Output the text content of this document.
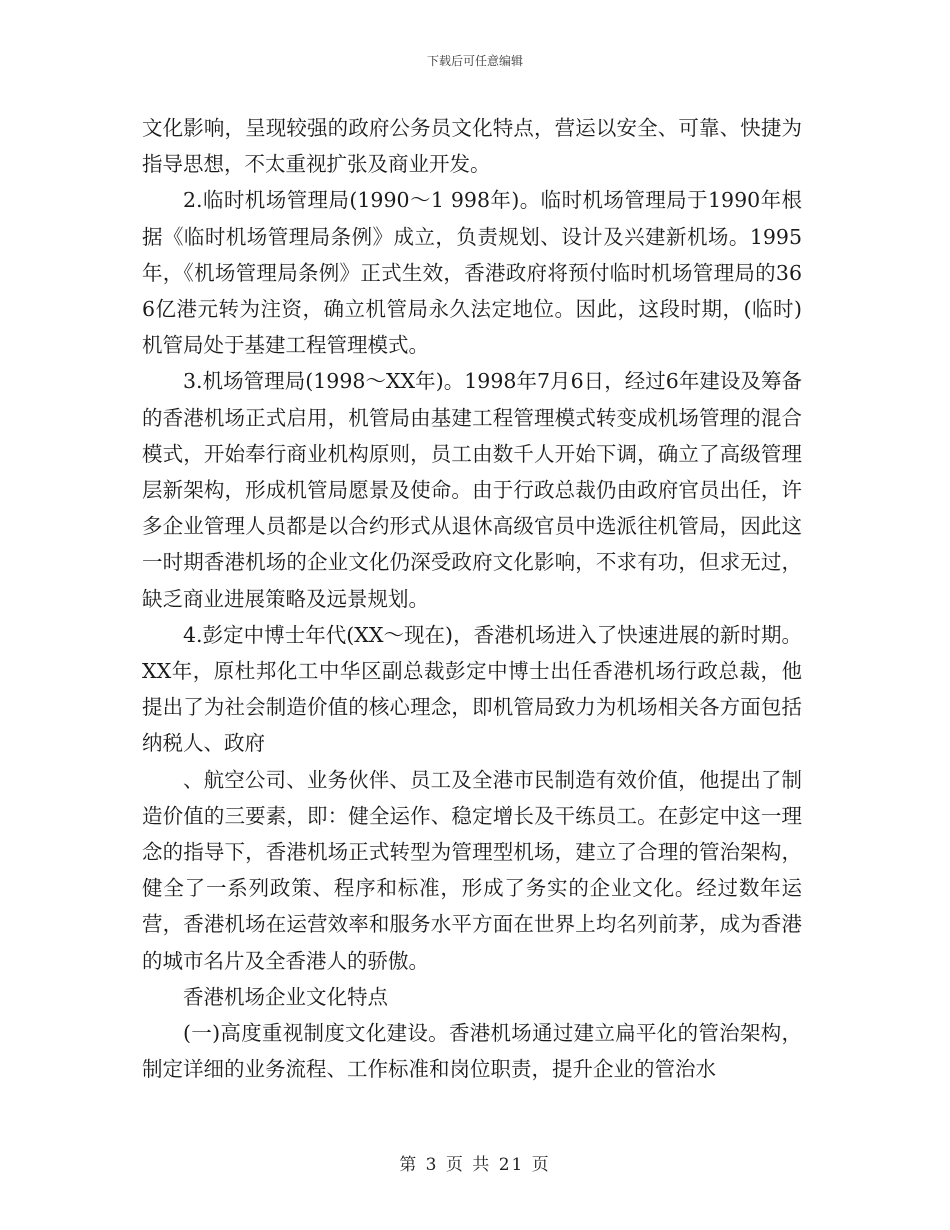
下载后可任意编辑

文化影响，呈现较强的政府公务员文化特点，营运以安全、可靠、快捷为指导思想，不太重视扩张及商业开发。

2.临时机场管理局(1990～1 998年)。临时机场管理局于1990年根据《临时机场管理局条例》成立，负责规划、设计及兴建新机场。1995年，《机场管理局条例》正式生效，香港政府将预付临时机场管理局的366亿港元转为注资，确立机管局永久法定地位。因此，这段时期，(临时)机管局处于基建工程管理模式。

3.机场管理局(1998～XX年)。1998年7月6日，经过6年建设及筹备的香港机场正式启用，机管局由基建工程管理模式转变成机场管理的混合模式，开始奉行商业机构原则，员工由数千人开始下调，确立了高级管理层新架构，形成机管局愿景及使命。由于行政总裁仍由政府官员出任，许多企业管理人员都是以合约形式从退休高级官员中选派往机管局，因此这一时期香港机场的企业文化仍深受政府文化影响，不求有功，但求无过，缺乏商业进展策略及远景规划。

4.彭定中博士年代(XX～现在)，香港机场进入了快速进展的新时期。XX年，原杜邦化工中华区副总裁彭定中博士出任香港机场行政总裁，他提出了为社会制造价值的核心理念，即机管局致力为机场相关各方面包括纳税人、政府

、航空公司、业务伙伴、员工及全港市民制造有效价值，他提出了制造价值的三要素，即：健全运作、稳定增长及干练员工。在彭定中这一理念的指导下，香港机场正式转型为管理型机场，建立了合理的管治架构，健全了一系列政策、程序和标准，形成了务实的企业文化。经过数年运营，香港机场在运营效率和服务水平方面在世界上均名列前茅，成为香港的城市名片及全香港人的骄傲。

香港机场企业文化特点

(一)高度重视制度文化建设。香港机场通过建立扁平化的管治架构，制定详细的业务流程、工作标准和岗位职责，提升企业的管治水

第 3 页 共 21 页
